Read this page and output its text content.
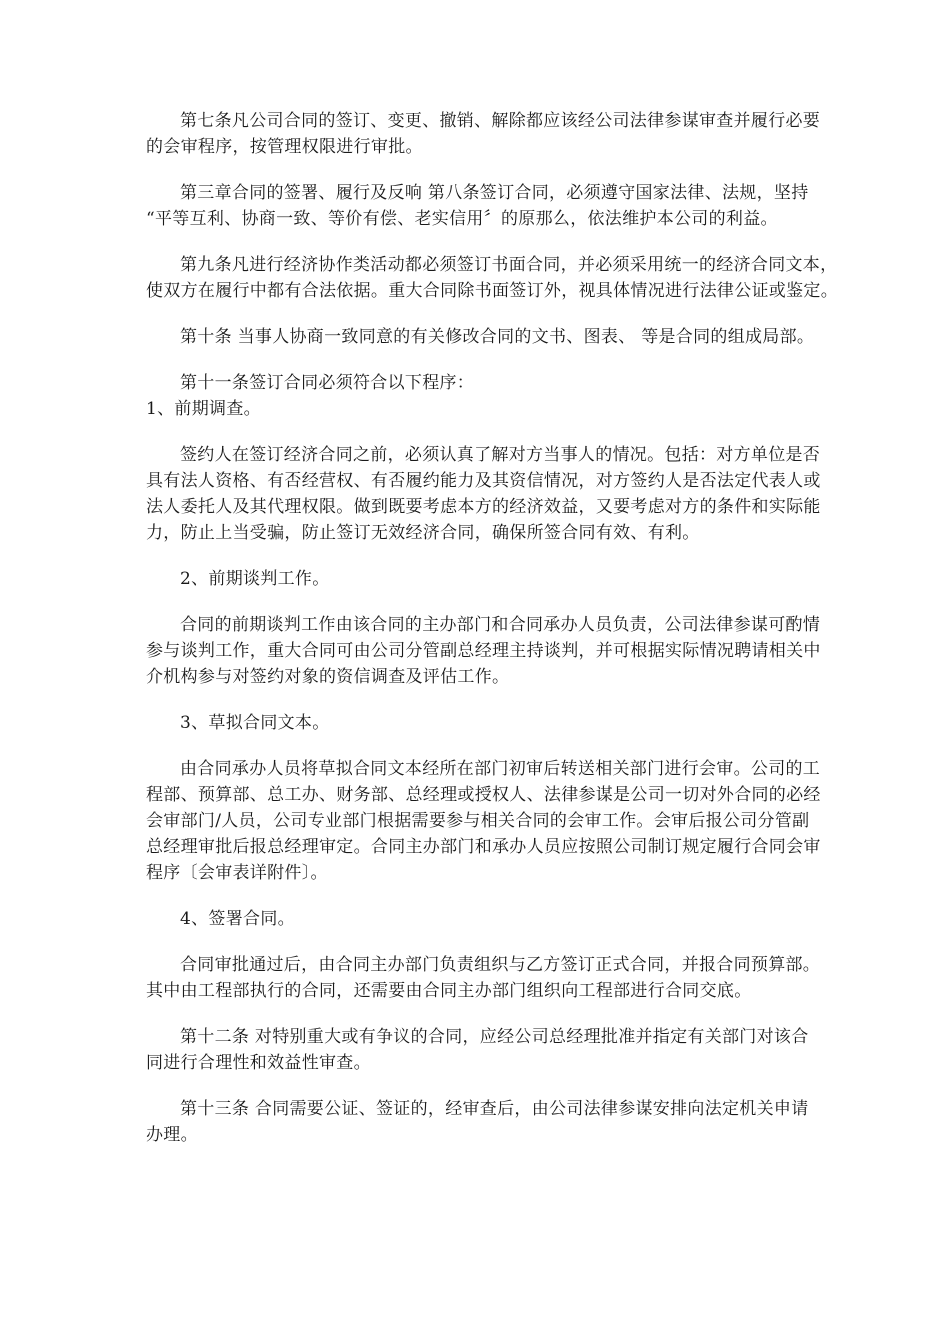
第七条凡公司合同的签订、变更、撤销、解除都应该经公司法律参谋审查并履行必要
的会审程序，按管理权限进行审批。

第三章合同的签署、履行及反响 第八条签订合同，必须遵守国家法律、法规，坚持
“平等互利、协商一致、等价有偿、老实信用〞的原那么，依法维护本公司的利益。

第九条凡进行经济协作类活动都必须签订书面合同，并必须采用统一的经济合同文本，
使双方在履行中都有合法依据。重大合同除书面签订外，视具体情况进行法律公证或鉴定。

第十条 当事人协商一致同意的有关修改合同的文书、图表、 等是合同的组成局部。

第十一条签订合同必须符合以下程序：

1、前期调查。

签约人在签订经济合同之前，必须认真了解对方当事人的情况。包括：对方单位是否
具有法人资格、有否经营权、有否履约能力及其资信情况，对方签约人是否法定代表人或
法人委托人及其代理权限。做到既要考虑本方的经济效益，又要考虑对方的条件和实际能
力，防止上当受骗，防止签订无效经济合同，确保所签合同有效、有利。

2、前期谈判工作。

合同的前期谈判工作由该合同的主办部门和合同承办人员负责，公司法律参谋可酌情
参与谈判工作，重大合同可由公司分管副总经理主持谈判，并可根据实际情况聘请相关中
介机构参与对签约对象的资信调查及评估工作。

3、草拟合同文本。

由合同承办人员将草拟合同文本经所在部门初审后转送相关部门进行会审。公司的工
程部、预算部、总工办、财务部、总经理或授权人、法律参谋是公司一切对外合同的必经
会审部门/人员，公司专业部门根据需要参与相关合同的会审工作。会审后报公司分管副
总经理审批后报总经理审定。合同主办部门和承办人员应按照公司制订规定履行合同会审
程序〔会审表详附件〕。

4、签署合同。

合同审批通过后，由合同主办部门负责组织与乙方签订正式合同，并报合同预算部。
其中由工程部执行的合同，还需要由合同主办部门组织向工程部进行合同交底。

第十二条 对特别重大或有争议的合同，应经公司总经理批准并指定有关部门对该合
同进行合理性和效益性审查。

第十三条 合同需要公证、签证的，经审查后，由公司法律参谋安排向法定机关申请
办理。
